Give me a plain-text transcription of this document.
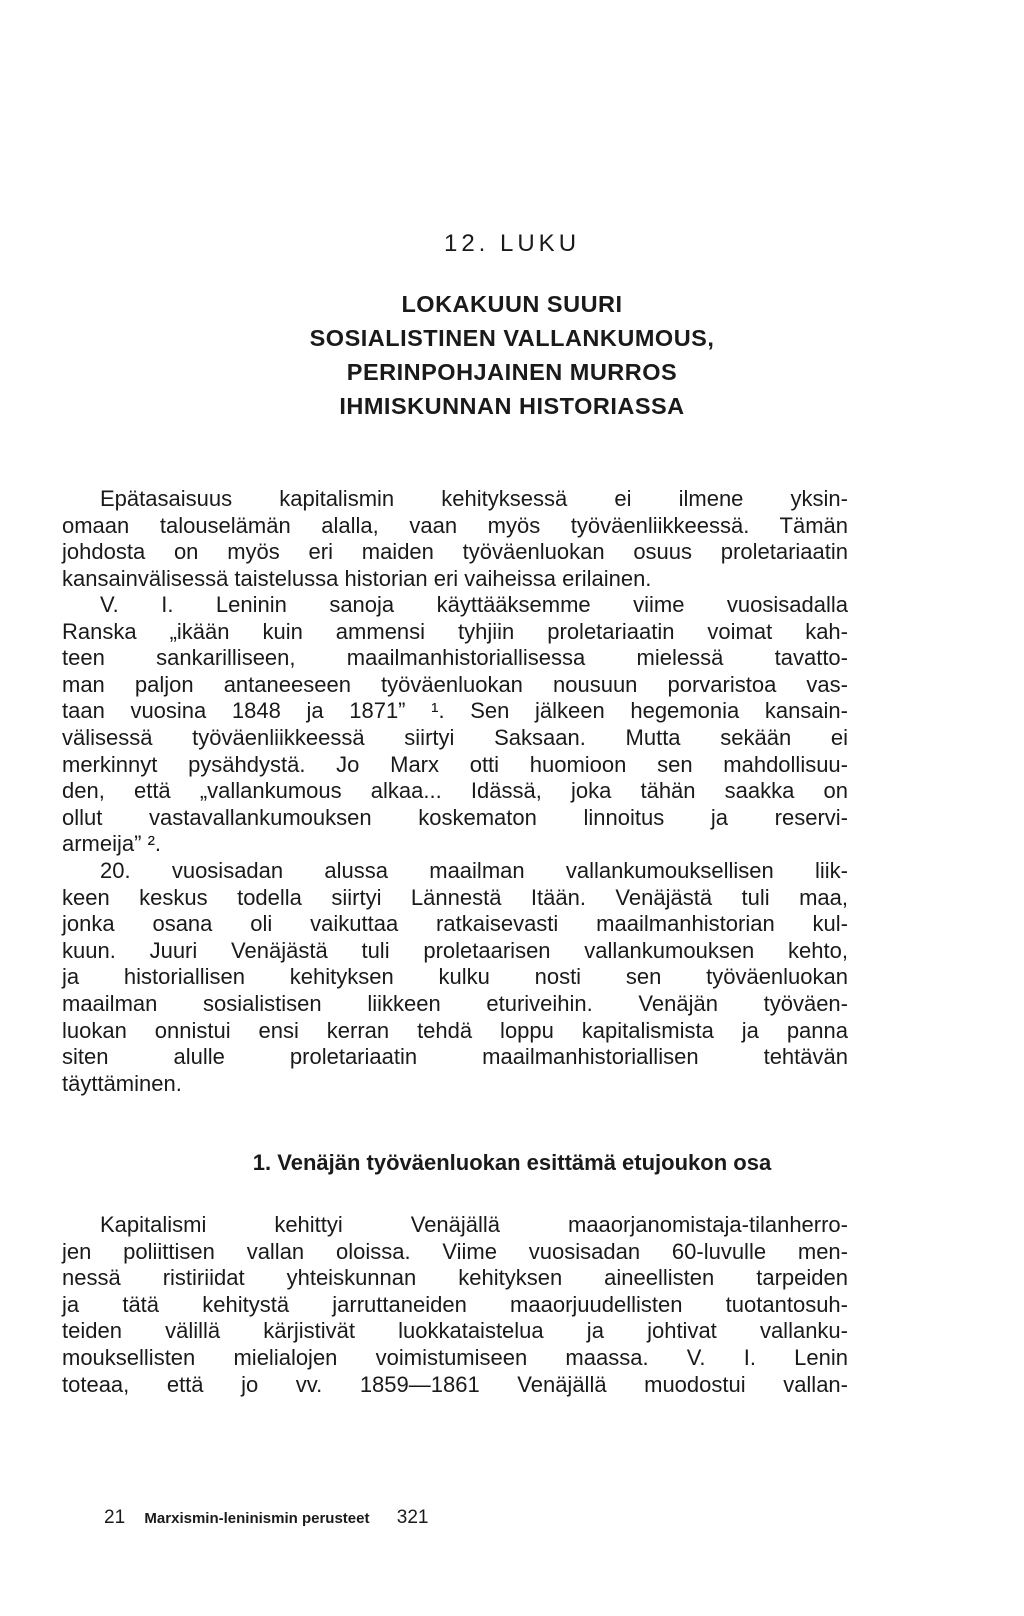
12. LUKU
LOKAKUUN SUURI
SOSIALISTINEN VALLANKUMOUS,
PERINPOHJAINEN MURROS
IHMISKUNNAN HISTORIASSA
Epätasaisuus kapitalismin kehityksessä ei ilmene yksin-
omaan talouselämän alalla, vaan myös työväenliikkeessä. Tämän
johdosta on myös eri maiden työväenluokan osuus proletariaatin
kansainvälisessä taistelussa historian eri vaiheissa erilainen.
V. I. Leninin sanoja käyttääksemme viime vuosisadalla
Ranska „ikään kuin ammensi tyhjiin proletariaatin voimat kah-
teen sankarilliseen, maailmanhistoriallisessa mielessä tavatto-
man paljon antaneeseen työväenluokan nousuun porvaristoa vas-
taan vuosina 1848 ja 1871” ¹. Sen jälkeen hegemonia kansain-
välisessä työväenliikkeessä siirtyi Saksaan. Mutta sekään ei
merkinnyt pysähdystä. Jo Marx otti huomioon sen mahdollisuu-
den, että „vallankumous alkaa... Idässä, joka tähän saakka on
ollut vastavallankumouksen koskematon linnoitus ja reservi-
armeija” ².
20. vuosisadan alussa maailman vallankumouksellisen liik-
keen keskus todella siirtyi Lännestä Itään. Venäjästä tuli maa,
jonka osana oli vaikuttaa ratkaisevasti maailmanhistorian kul-
kuun. Juuri Venäjästä tuli proletaarisen vallankumouksen kehto,
ja historiallisen kehityksen kulku nosti sen työväenluokan
maailman sosialistisen liikkeen eturiveihin. Venäjän työväen-
luokan onnistui ensi kerran tehdä loppu kapitalismista ja panna
siten alulle proletariaatin maailmanhistoriallisen tehtävän
täyttäminen.
1. Venäjän työväenluokan esittämä etujoukon osa
Kapitalismi kehittyi Venäjällä maaorjanomistaja-tilanherro-
jen poliittisen vallan oloissa. Viime vuosisadan 60-luvulle men-
nessä ristiriidat yhteiskunnan kehityksen aineellisten tarpeiden
ja tätä kehitystä jarruttaneiden maaorjuudellisten tuotantosuh-
teiden välillä kärjistivät luokkataistelua ja johtivat vallanku-
mouksellisten mielialojen voimistumiseen maassa. V. I. Lenin
toteaa, että jo vv. 1859—1861 Venäjällä muodostui vallan-
21 Marxismin-leninismin perusteet 321
